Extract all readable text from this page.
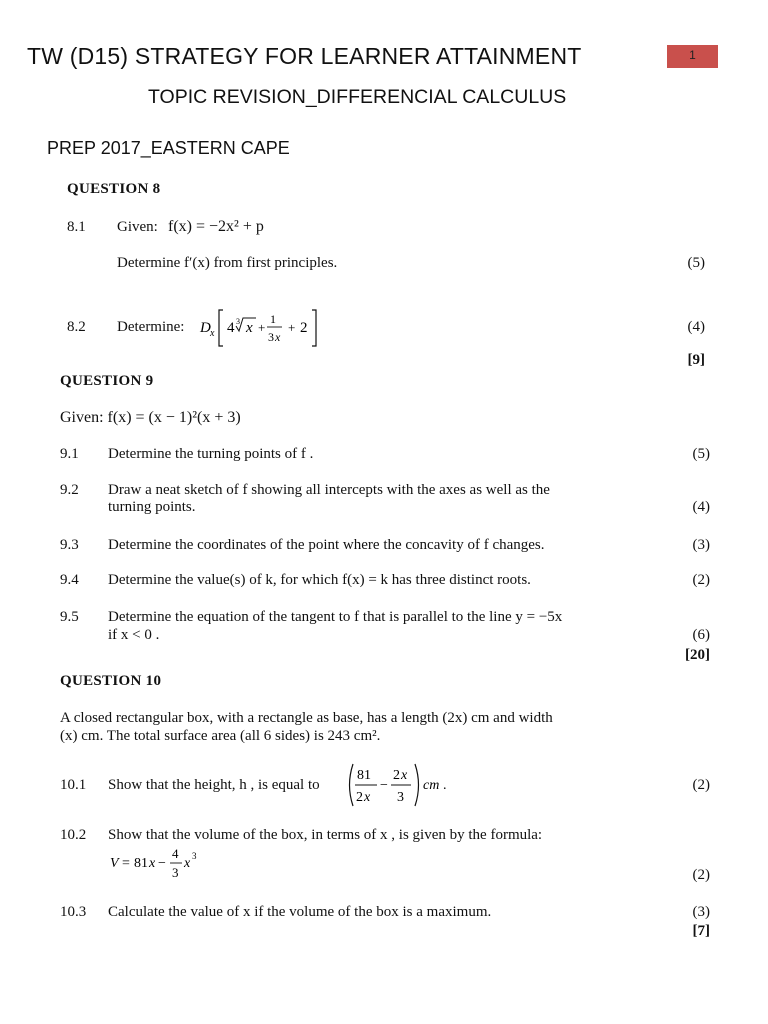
TW (D15) STRATEGY FOR LEARNER ATTAINMENT	1
TOPIC REVISION_DIFFERENCIAL CALCULUS
PREP 2017_EASTERN CAPE
QUESTION 8
8.1 Given: f(x) = −2x² + p
Determine f′(x) from first principles.	(5)
8.2 Determine: D x 4 3 x +
1
3 x
+ 2	(4)
[9]
QUESTION 9
Given: f(x) = (x − 1)²(x + 3)
9.1 Determine the turning points of f .	(5)
9.2 Draw a neat sketch of f showing all intercepts with the axes as well as the
turning points.	(4)
9.3 Determine the coordinates of the point where the concavity of f changes.	(3)
9.4 Determine the value(s) of k, for which f(x) = k has three distinct roots.	(2)
9.5 Determine the equation of the tangent to f that is parallel to the line y = −5x
if x < 0 .	(6)
[20]
QUESTION 10
A closed rectangular box, with a rectangle as base, has a length (2x) cm and width
(x) cm. The total surface area (all 6 sides) is 243 cm².
10.1 Show that the height, h , is equal to
81
2 x
−
2 x
3
cm .	(2)
10.2 Show that the volume of the box, in terms of x , is given by the formula:
V = 81 x −
4
3
x 3
(2)
10.3 Calculate the value of x if the volume of the box is a maximum.	(3)
[7]
